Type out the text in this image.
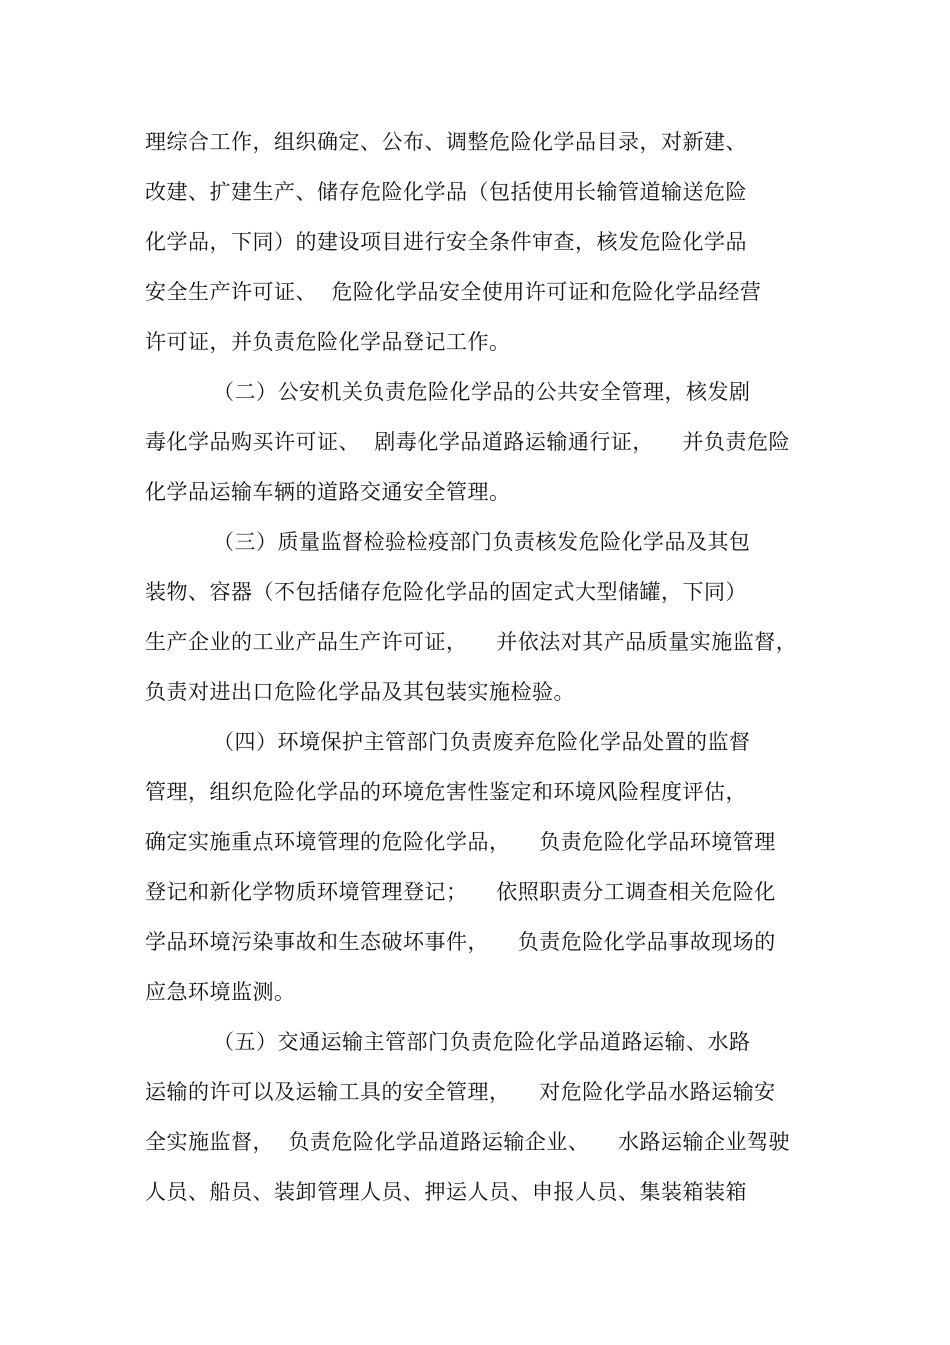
理综合工作，组织确定、公布、调整危险化学品目录，对新建、
改建、扩建生产、储存危险化学品（包括使用长输管道输送危险
化学品，下同）的建设项目进行安全条件审查，核发危险化学品
安全生产许可证、  危险化学品安全使用许可证和危险化学品经营
许可证，并负责危险化学品登记工作。
（二）公安机关负责危险化学品的公共安全管理，核发剧
毒化学品购买许可证、  剧毒化学品道路运输通行证，    并负责危险
化学品运输车辆的道路交通安全管理。
（三）质量监督检验检疫部门负责核发危险化学品及其包
装物、容器（不包括储存危险化学品的固定式大型储罐，下同）
生产企业的工业产品生产许可证，    并依法对其产品质量实施监督，
负责对进出口危险化学品及其包装实施检验。
（四）环境保护主管部门负责废弃危险化学品处置的监督
管理，组织危险化学品的环境危害性鉴定和环境风险程度评估，
确定实施重点环境管理的危险化学品，    负责危险化学品环境管理
登记和新化学物质环境管理登记；    依照职责分工调查相关危险化
学品环境污染事故和生态破坏事件，    负责危险化学品事故现场的
应急环境监测。
（五）交通运输主管部门负责危险化学品道路运输、水路
运输的许可以及运输工具的安全管理，    对危险化学品水路运输安
全实施监督，  负责危险化学品道路运输企业、    水路运输企业驾驶
人员、船员、装卸管理人员、押运人员、申报人员、集装箱装箱
